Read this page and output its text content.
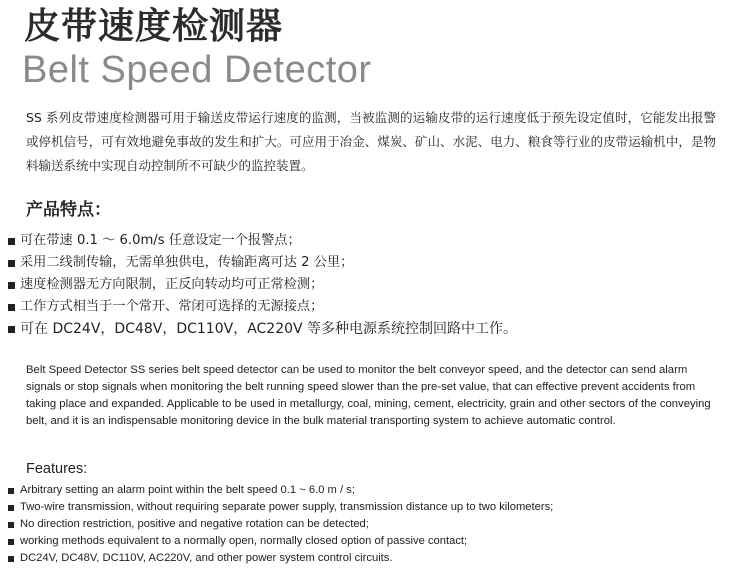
皮带速度检测器
Belt Speed Detector
SS 系列皮带速度检测器可用于输送皮带运行速度的监测，当被监测的运输皮带的运行速度低于预先设定值时，它能发出报警或停机信号，可有效地避免事故的发生和扩大。可应用于冶金、煤炭、矿山、水泥、电力、粮食等行业的皮带运输机中，是物料输送系统中实现自动控制所不可缺少的监控装置。
产品特点：
可在带速 0.1 ～ 6.0m/s 任意设定一个报警点；
采用二线制传输，无需单独供电，传输距离可达 2 公里；
速度检测器无方向限制，正反向转动均可正常检测；
工作方式相当于一个常开、常闭可选择的无源接点；
可在 DC24V，DC48V，DC110V，AC220V 等多种电源系统控制回路中工作。
Belt Speed Detector SS series belt speed detector can be used to monitor the belt conveyor speed, and the detector can send alarm signals or stop signals when monitoring the belt running speed slower than the pre-set value, that can effective prevent accidents from taking place and expanded. Applicable to be used in metallurgy, coal, mining, cement, electricity, grain and other sectors of the conveying belt, and it is an indispensable monitoring device in the bulk material transporting system to achieve automatic control.
Features:
Arbitrary setting an alarm point within the belt speed 0.1 ~ 6.0 m / s;
Two-wire transmission, without requiring separate power supply, transmission distance up to two kilometers;
No direction restriction, positive and negative rotation can be detected;
working methods equivalent to a normally open, normally closed option of passive contact;
DC24V, DC48V, DC110V, AC220V, and other power system control circuits.
